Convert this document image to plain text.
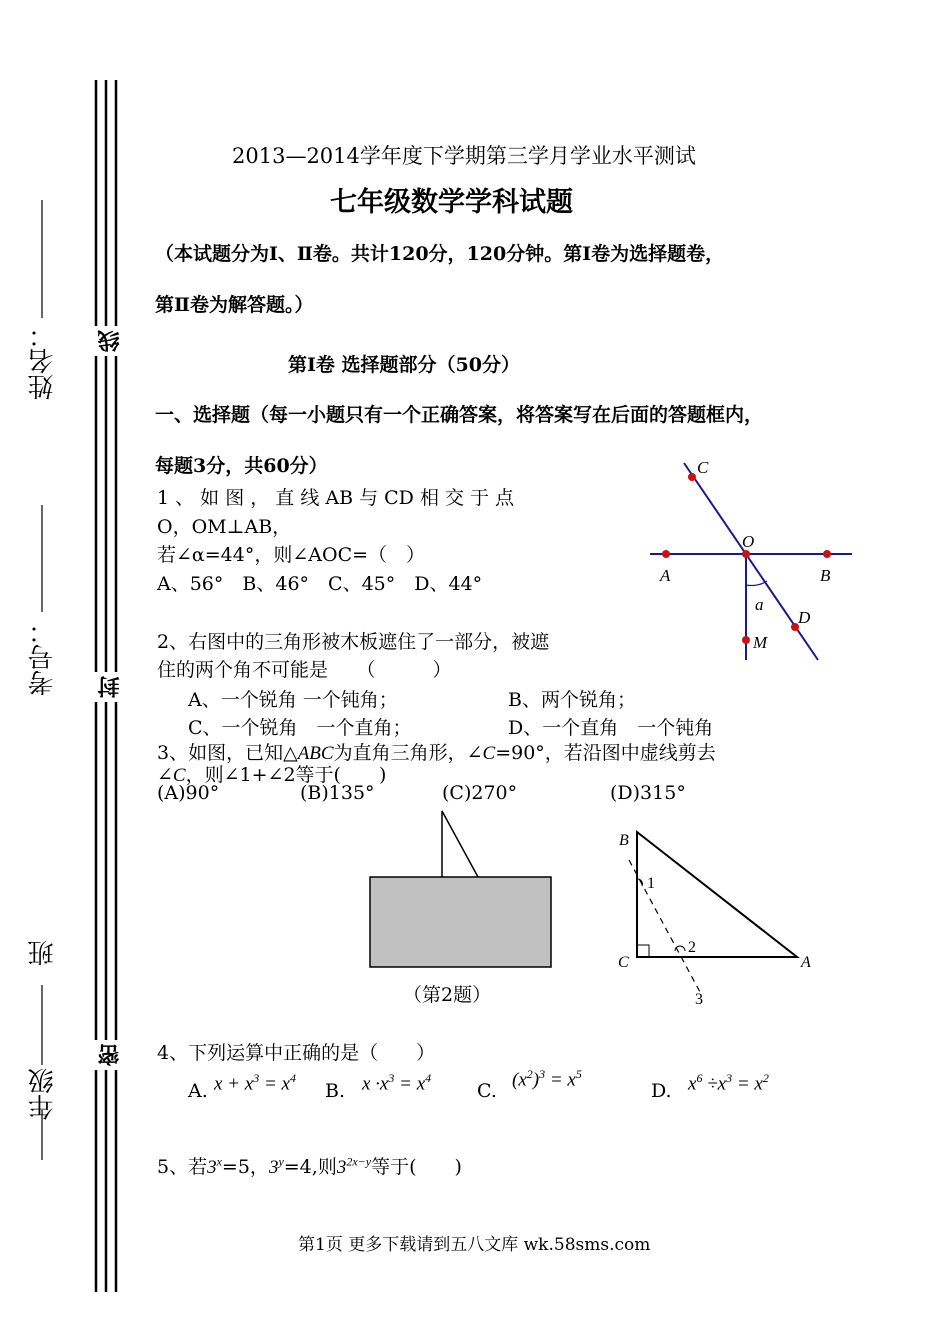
姓名：
考号：
班
年级
线
封
密
2013—2014学年度下学期第三学月学业水平测试
七年级数学学科试题
（本试题分为Ⅰ、Ⅱ卷。共计120分，120分钟。第Ⅰ卷为选择题卷，
第Ⅱ卷为解答题。）
第Ⅰ卷 选择题部分（50分）
一、选择题（每一小题只有一个正确答案，将答案写在后面的答题框内，
每题3分，共60分）
1 、 如 图 ， 直 线 AB 与 CD 相 交 于 点
O，OM⊥AB，
若∠α=44°，则∠AOC=（　）
A、56°　B、46°　C、45°　D、44°
C
O
A	B
a
D
M
2、右图中的三角形被木板遮住了一部分，被遮
住的两个角不可能是　　（　　　）
A、一个锐角 一个钝角；	B、两个锐角；
C、一个锐角　一个直角；	D、一个直角　一个钝角
3、如图，已知△ABC为直角三角形，∠C=90°，若沿图中虚线剪去
∠C，则∠1+∠2等于(　　)
(A)90°	(B)135°	(C)270°	(D)315°
（第2题）
B
C	A
1
2
3
4、下列运算中正确的是（　　）
A. $x + x^3 = x^4$
B. $x \cdot x^3 = x^4$
C.
$(x^2)^3 = x^5$
D. $x^6 \div x^3 = x^2$
5、若$3^x=5$，$3^y=4$,则$3^{2x-y}$等于(　　)
第1页 更多下载请到五八文库 wk.58sms.com
